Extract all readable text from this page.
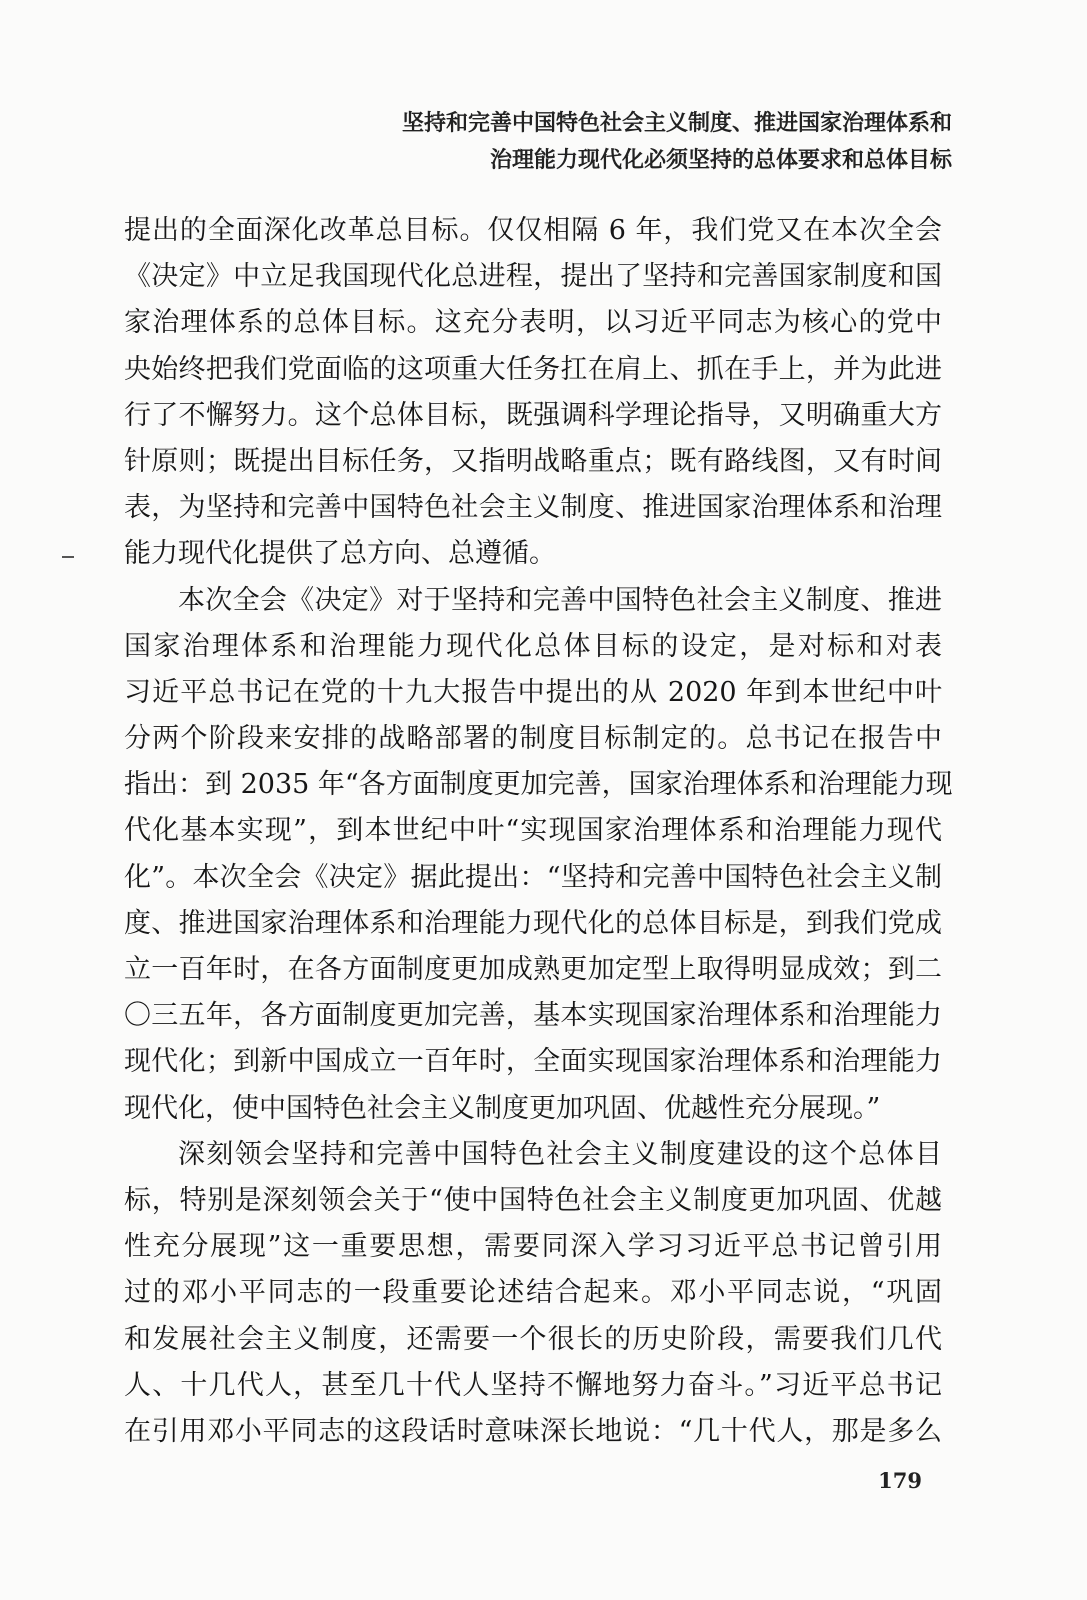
坚持和完善中国特色社会主义制度、推进国家治理体系和
治理能力现代化必须坚持的总体要求和总体目标
提出的全面深化改革总目标。仅仅相隔 6 年，我们党又在本次全会
《决定》中立足我国现代化总进程，提出了坚持和完善国家制度和国
家治理体系的总体目标。这充分表明，以习近平同志为核心的党中
央始终把我们党面临的这项重大任务扛在肩上、抓在手上，并为此进
行了不懈努力。这个总体目标，既强调科学理论指导，又明确重大方
针原则；既提出目标任务，又指明战略重点；既有路线图，又有时间
表，为坚持和完善中国特色社会主义制度、推进国家治理体系和治理
能力现代化提供了总方向、总遵循。
本次全会《决定》对于坚持和完善中国特色社会主义制度、推进
国家治理体系和治理能力现代化总体目标的设定，是对标和对表
习近平总书记在党的十九大报告中提出的从 2020 年到本世纪中叶
分两个阶段来安排的战略部署的制度目标制定的。总书记在报告中
指出：到 2035 年“各方面制度更加完善，国家治理体系和治理能力现
代化基本实现”，到本世纪中叶“实现国家治理体系和治理能力现代
化”。本次全会《决定》据此提出：“坚持和完善中国特色社会主义制
度、推进国家治理体系和治理能力现代化的总体目标是，到我们党成
立一百年时，在各方面制度更加成熟更加定型上取得明显成效；到二
〇三五年，各方面制度更加完善，基本实现国家治理体系和治理能力
现代化；到新中国成立一百年时，全面实现国家治理体系和治理能力
现代化，使中国特色社会主义制度更加巩固、优越性充分展现。”
深刻领会坚持和完善中国特色社会主义制度建设的这个总体目
标，特别是深刻领会关于“使中国特色社会主义制度更加巩固、优越
性充分展现”这一重要思想，需要同深入学习习近平总书记曾引用
过的邓小平同志的一段重要论述结合起来。邓小平同志说，“巩固
和发展社会主义制度，还需要一个很长的历史阶段，需要我们几代
人、十几代人，甚至几十代人坚持不懈地努力奋斗。”习近平总书记
在引用邓小平同志的这段话时意味深长地说：“几十代人，那是多么
179
